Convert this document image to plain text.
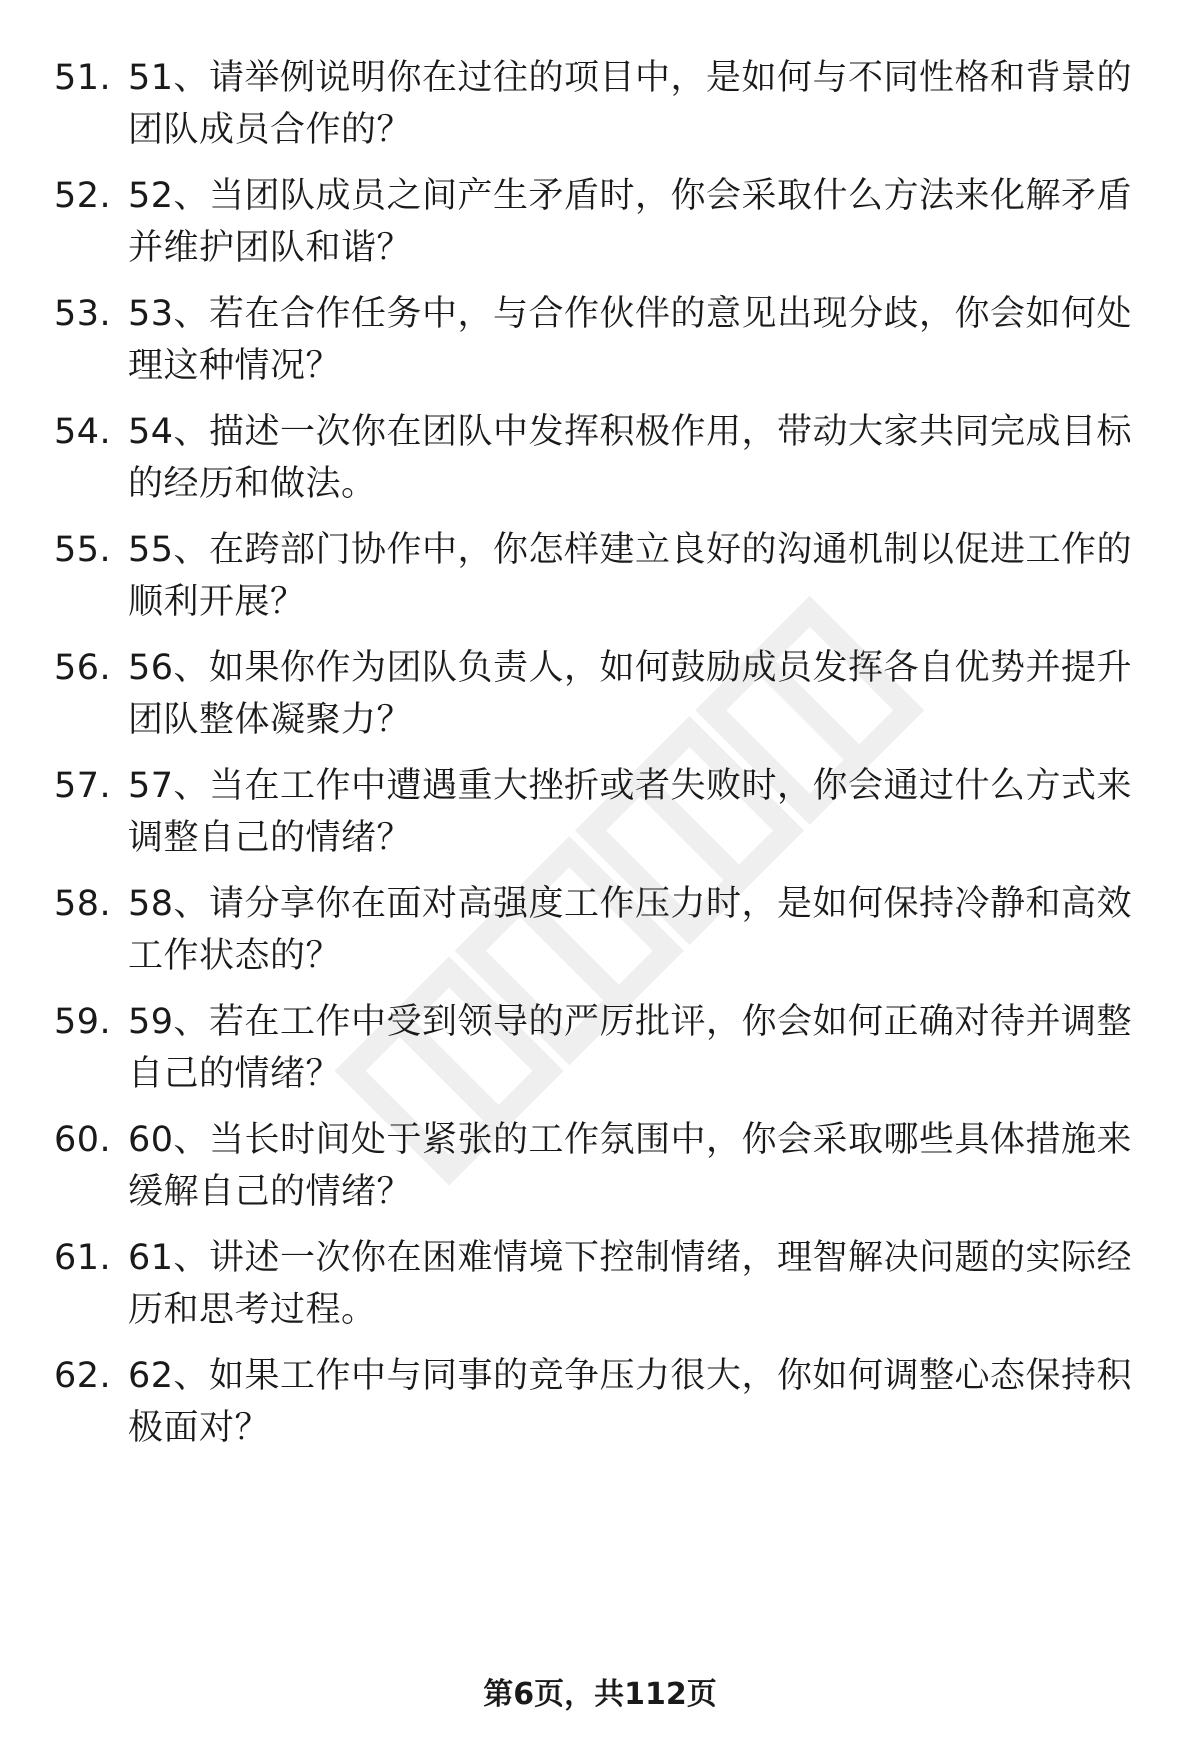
51. 51、请举例说明你在过往的项目中，是如何与不同性格和背景的团队成员合作的？
52. 52、当团队成员之间产生矛盾时，你会采取什么方法来化解矛盾并维护团队和谐？
53. 53、若在合作任务中，与合作伙伴的意见出现分歧，你会如何处理这种情况？
54. 54、描述一次你在团队中发挥积极作用，带动大家共同完成目标的经历和做法。
55. 55、在跨部门协作中，你怎样建立良好的沟通机制以促进工作的顺利开展？
56. 56、如果你作为团队负责人，如何鼓励成员发挥各自优势并提升团队整体凝聚力？
57. 57、当在工作中遭遇重大挫折或者失败时，你会通过什么方式来调整自己的情绪？
58. 58、请分享你在面对高强度工作压力时，是如何保持冷静和高效工作状态的？
59. 59、若在工作中受到领导的严厉批评，你会如何正确对待并调整自己的情绪？
60. 60、当长时间处于紧张的工作氛围中，你会采取哪些具体措施来缓解自己的情绪？
61. 61、讲述一次你在困难情境下控制情绪，理智解决问题的实际经历和思考过程。
62. 62、如果工作中与同事的竞争压力很大，你如何调整心态保持积极面对？
第6页，共112页
